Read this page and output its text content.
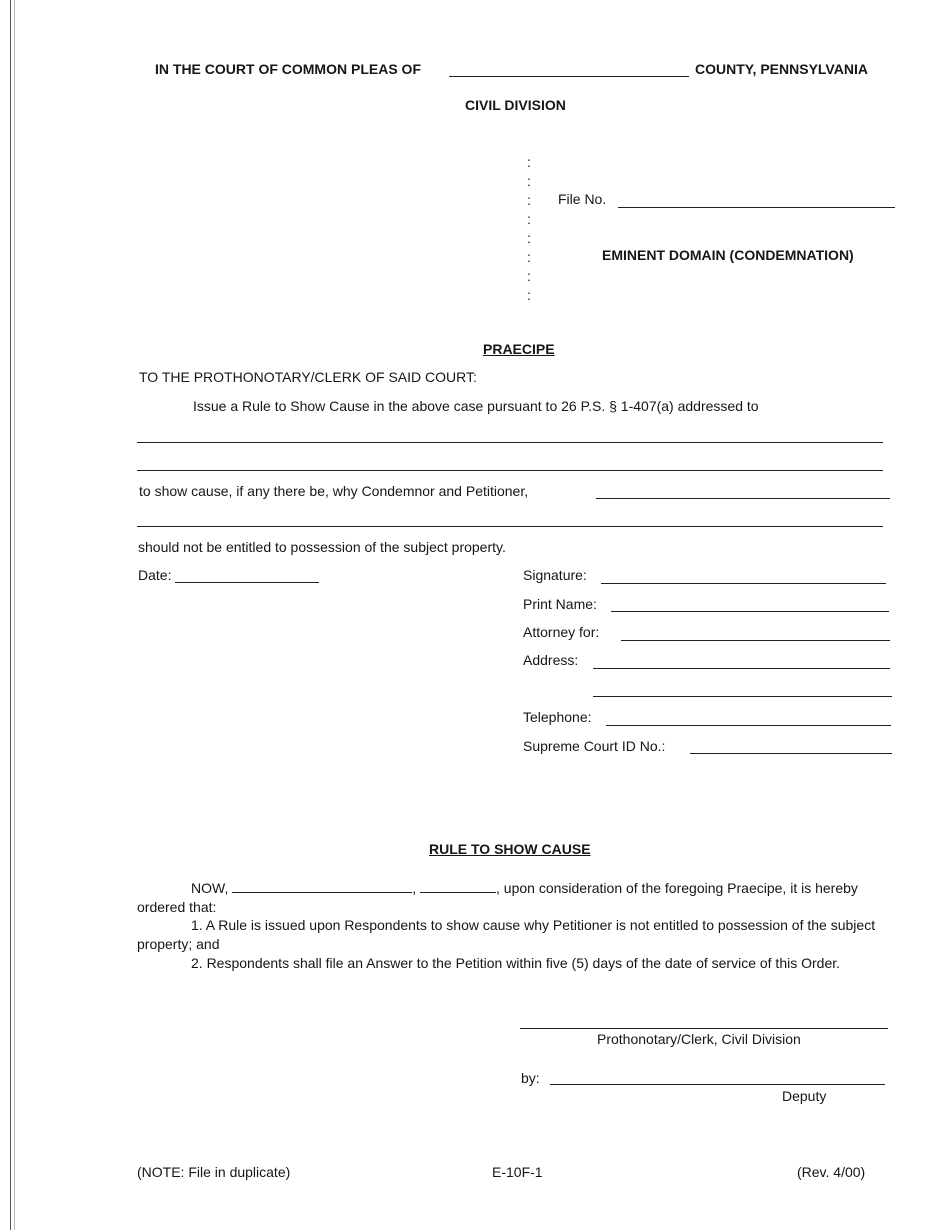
IN THE COURT OF COMMON PLEAS OF	COUNTY, PENNSYLVANIA
CIVIL DIVISION
:
:
:
:
:
:
:
:
File No.
EMINENT DOMAIN (CONDEMNATION)
PRAECIPE
TO THE PROTHONOTARY/CLERK OF SAID COURT:
Issue a Rule to Show Cause in the above case pursuant to 26 P.S. § 1-407(a) addressed to
to show cause, if any there be, why Condemnor and Petitioner,
should not be entitled to possession of the subject property.
Date:	Signature:
Print Name:
Attorney for:
Address:
Telephone:
Supreme Court ID No.:
RULE TO SHOW CAUSE
NOW,	,	, upon consideration of the foregoing Praecipe, it is hereby ordered that:
1. A Rule is issued upon Respondents to show cause why Petitioner is not entitled to possession of the subject property; and
2. Respondents shall file an Answer to the Petition within five (5) days of the date of service of this Order.
Prothonotary/Clerk, Civil Division
by:
Deputy
(NOTE: File in duplicate)	E-10F-1	(Rev. 4/00)
